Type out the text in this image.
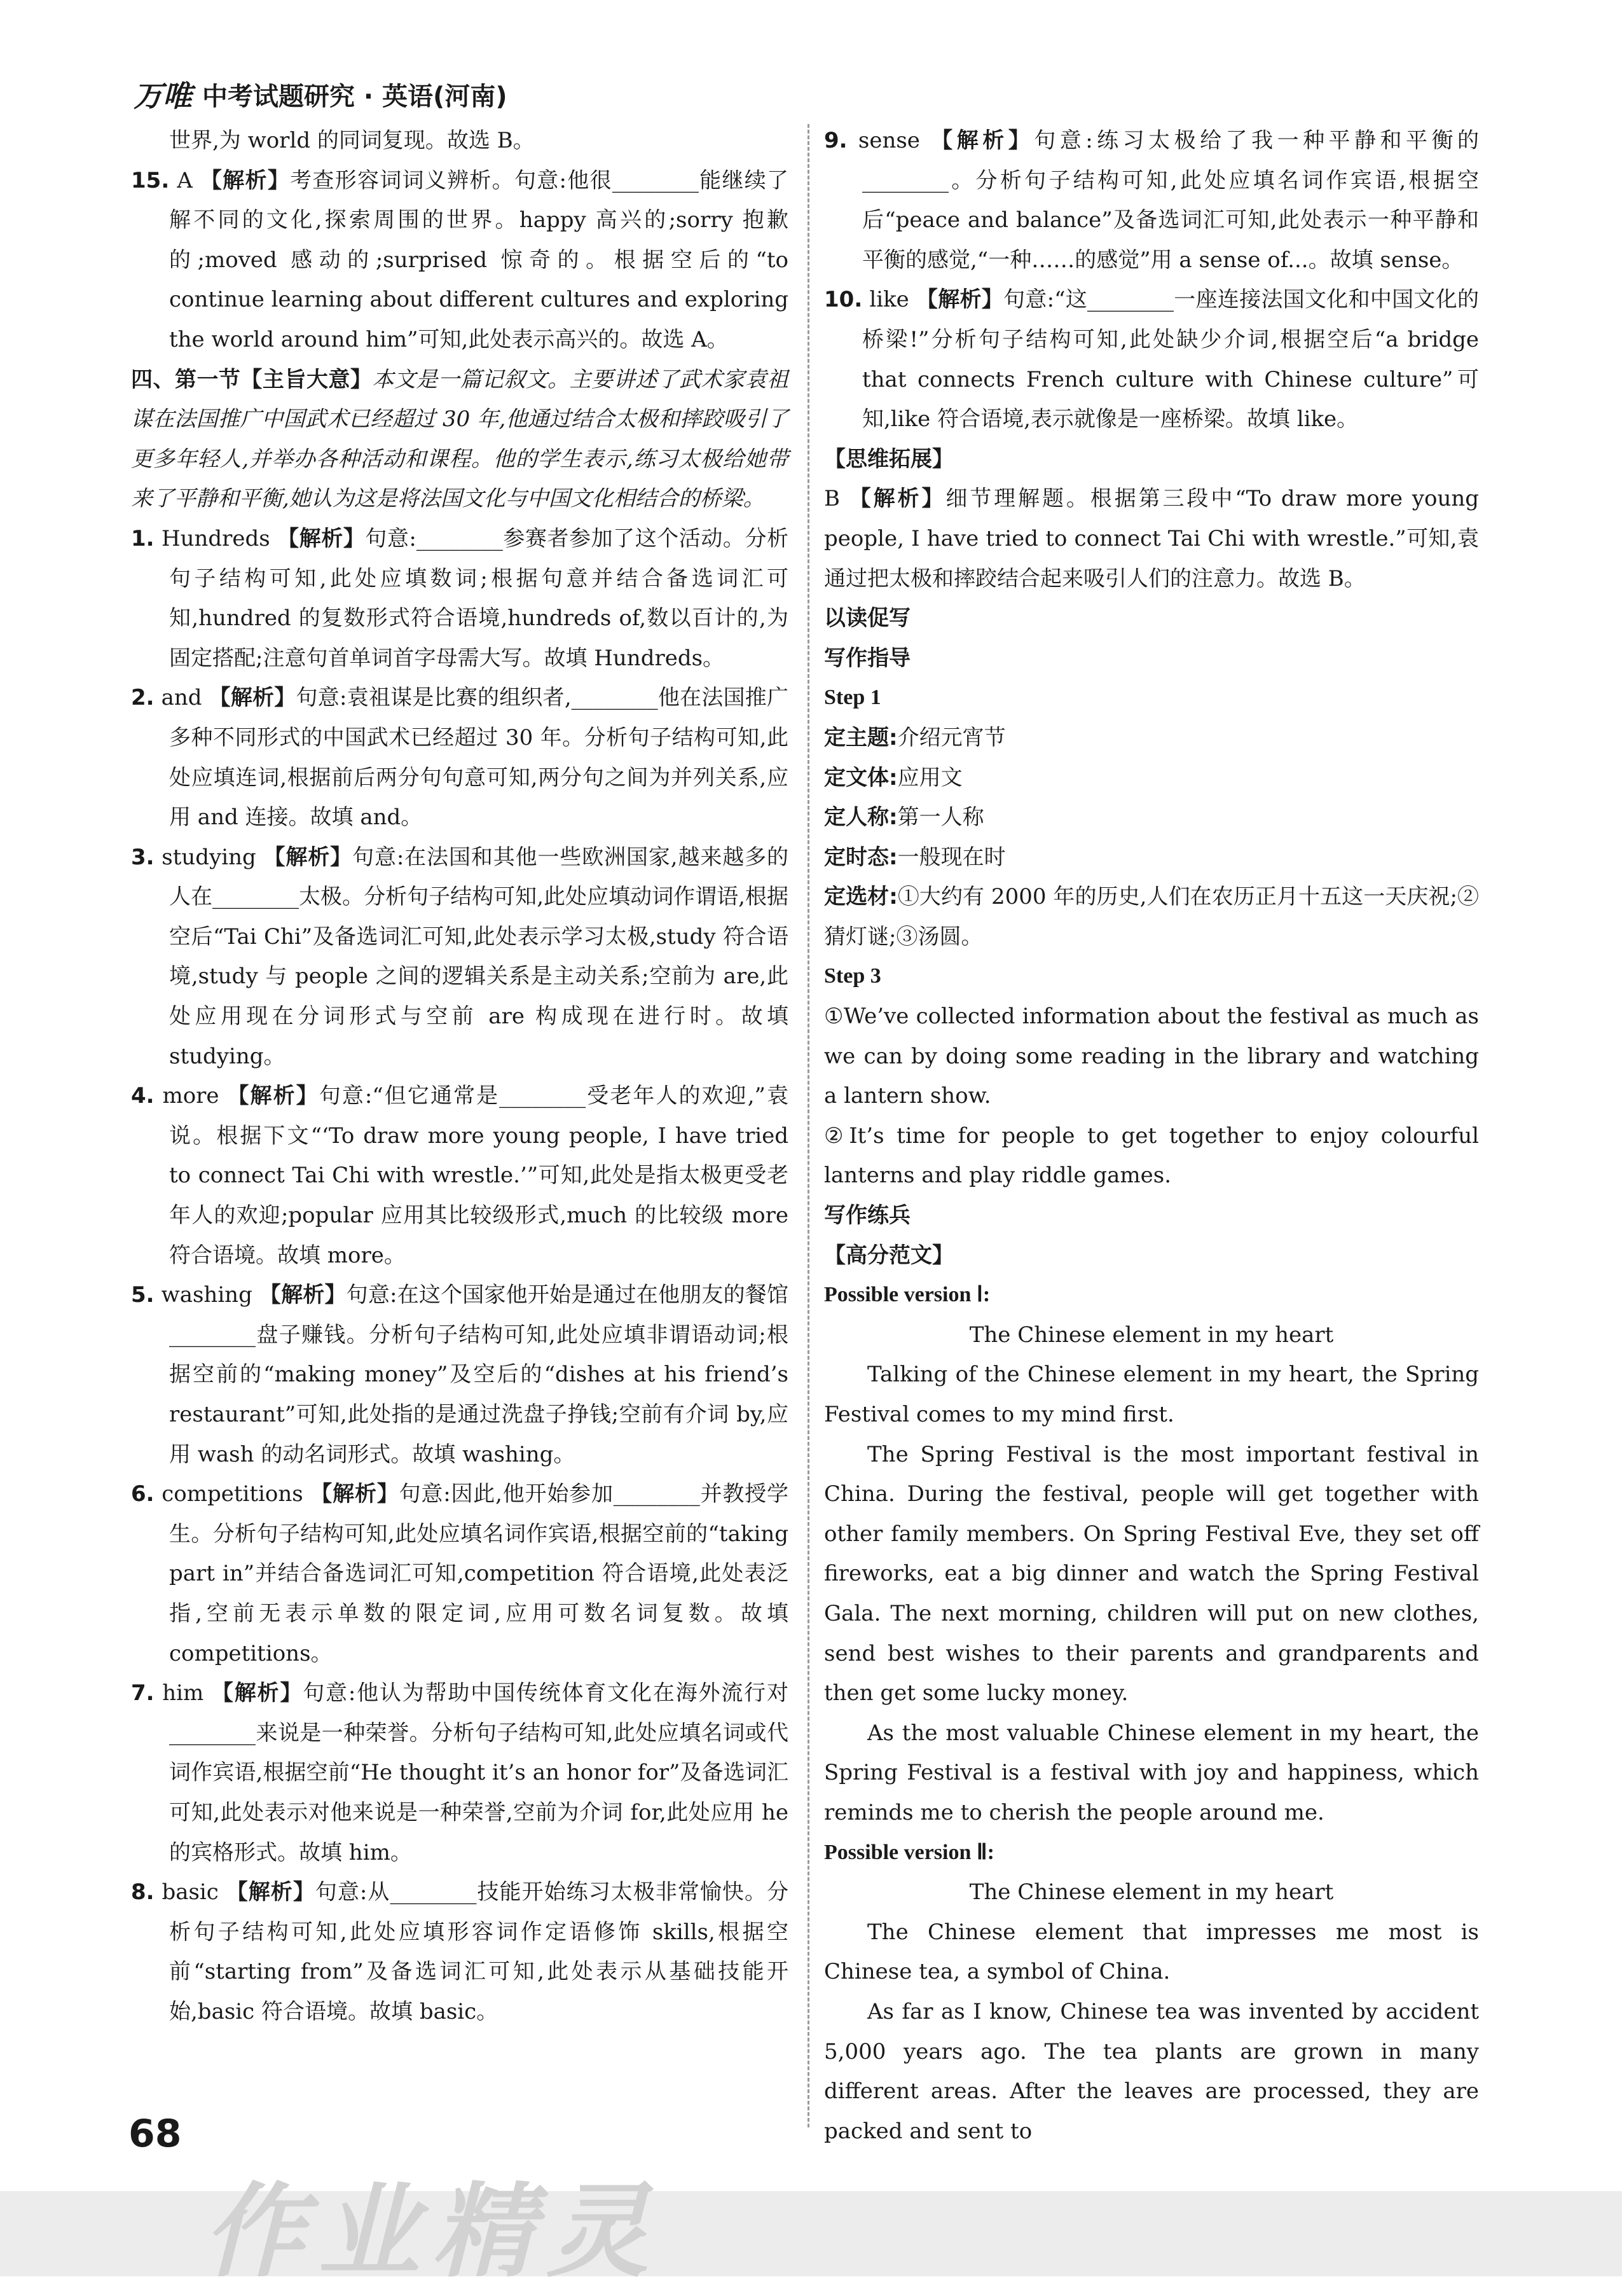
万唯 中考试题研究 · 英语(河南)

世界,为 world 的同词复现。故选 B。

15. A 【解析】考查形容词词义辨析。句意:他很________能继续了解不同的文化,探索周围的世界。happy 高兴的;sorry 抱歉的;moved 感动的;surprised 惊奇的。根据空后的“to continue learning about different cultures and exploring the world around him”可知,此处表示高兴的。故选 A。

四、第一节【主旨大意】本文是一篇记叙文。主要讲述了武术家袁祖谋在法国推广中国武术已经超过 30 年,他通过结合太极和摔跤吸引了更多年轻人,并举办各种活动和课程。他的学生表示,练习太极给她带来了平静和平衡,她认为这是将法国文化与中国文化相结合的桥梁。

1. Hundreds 【解析】句意:________参赛者参加了这个活动。分析句子结构可知,此处应填数词;根据句意并结合备选词汇可知,hundred 的复数形式符合语境,hundreds of,数以百计的,为固定搭配;注意句首单词首字母需大写。故填 Hundreds。

2. and 【解析】句意:袁祖谋是比赛的组织者,________他在法国推广多种不同形式的中国武术已经超过 30 年。分析句子结构可知,此处应填连词,根据前后两分句句意可知,两分句之间为并列关系,应用 and 连接。故填 and。

3. studying 【解析】句意:在法国和其他一些欧洲国家,越来越多的人在________太极。分析句子结构可知,此处应填动词作谓语,根据空后“Tai Chi”及备选词汇可知,此处表示学习太极,study 符合语境,study 与 people 之间的逻辑关系是主动关系;空前为 are,此处应用现在分词形式与空前 are 构成现在进行时。故填 studying。

4. more 【解析】句意:“但它通常是________受老年人的欢迎,”袁说。根据下文“‘To draw more young people, I have tried to connect Tai Chi with wrestle.’”可知,此处是指太极更受老年人的欢迎;popular 应用其比较级形式,much 的比较级 more 符合语境。故填 more。

5. washing 【解析】句意:在这个国家他开始是通过在他朋友的餐馆________盘子赚钱。分析句子结构可知,此处应填非谓语动词;根据空前的“making money”及空后的“dishes at his friend’s restaurant”可知,此处指的是通过洗盘子挣钱;空前有介词 by,应用 wash 的动名词形式。故填 washing。

6. competitions 【解析】句意:因此,他开始参加________并教授学生。分析句子结构可知,此处应填名词作宾语,根据空前的“taking part in”并结合备选词汇可知,competition 符合语境,此处表泛指,空前无表示单数的限定词,应用可数名词复数。故填 competitions。

7. him 【解析】句意:他认为帮助中国传统体育文化在海外流行对________来说是一种荣誉。分析句子结构可知,此处应填名词或代词作宾语,根据空前“He thought it’s an honor for”及备选词汇可知,此处表示对他来说是一种荣誉,空前为介词 for,此处应用 he 的宾格形式。故填 him。

8. basic 【解析】句意:从________技能开始练习太极非常愉快。分析句子结构可知,此处应填形容词作定语修饰 skills,根据空前“starting from”及备选词汇可知,此处表示从基础技能开始,basic 符合语境。故填 basic。

9. sense 【解析】句意:练习太极给了我一种平静和平衡的________。分析句子结构可知,此处应填名词作宾语,根据空后“peace and balance”及备选词汇可知,此处表示一种平静和平衡的感觉,“一种……的感觉”用 a sense of...。故填 sense。

10. like 【解析】句意:“这________一座连接法国文化和中国文化的桥梁!”分析句子结构可知,此处缺少介词,根据空后“a bridge that connects French culture with Chinese culture”可知,like 符合语境,表示就像是一座桥梁。故填 like。

【思维拓展】

B 【解析】细节理解题。根据第三段中“To draw more young people, I have tried to connect Tai Chi with wrestle.”可知,袁通过把太极和摔跤结合起来吸引人们的注意力。故选 B。

以读促写

写作指导

Step 1

定主题:介绍元宵节

定文体:应用文

定人称:第一人称

定时态:一般现在时

定选材:①大约有 2000 年的历史,人们在农历正月十五这一天庆祝;②猜灯谜;③汤圆。

Step 3

①We’ve collected information about the festival as much as we can by doing some reading in the library and watching a lantern show.

②It’s time for people to get together to enjoy colourful lanterns and play riddle games.

写作练兵

【高分范文】

Possible version Ⅰ:

The Chinese element in my heart

Talking of the Chinese element in my heart, the Spring Festival comes to my mind first.

The Spring Festival is the most important festival in China. During the festival, people will get together with other family members. On Spring Festival Eve, they set off fireworks, eat a big dinner and watch the Spring Festival Gala. The next morning, children will put on new clothes, send best wishes to their parents and grandparents and then get some lucky money.

As the most valuable Chinese element in my heart, the Spring Festival is a festival with joy and happiness, which reminds me to cherish the people around me.

Possible version Ⅱ:

The Chinese element in my heart

The Chinese element that impresses me most is Chinese tea, a symbol of China.

As far as I know, Chinese tea was invented by accident 5,000 years ago. The tea plants are grown in many different areas. After the leaves are processed, they are packed and sent to

68
作业精灵
